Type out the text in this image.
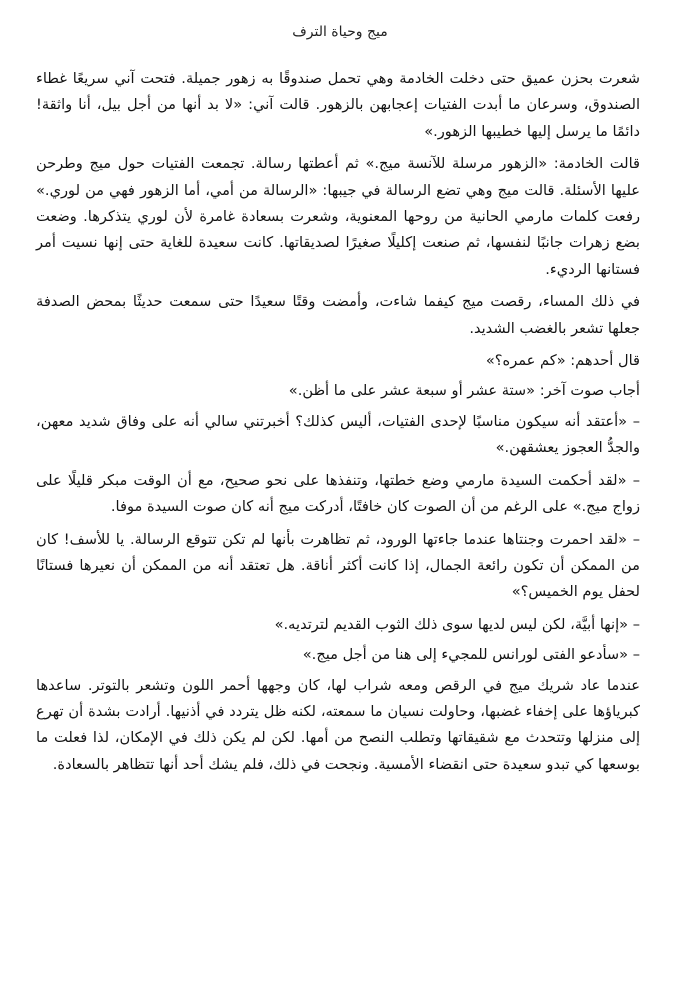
ميج وحياة الترف

شعرت بحزن عميق حتى دخلت الخادمة وهي تحمل صندوقًا به زهور جميلة. فتحت آني سريعًا غطاء الصندوق، وسرعان ما أبدت الفتيات إعجابهن بالزهور. قالت آني: «لا بد أنها من أجل بيل، أنا واثقة! دائمًا ما يرسل إليها خطيبها الزهور.»

قالت الخادمة: «الزهور مرسلة للآنسة ميج.» ثم أعطتها رسالة. تجمعت الفتيات حول ميج وطرحن عليها الأسئلة. قالت ميج وهي تضع الرسالة في جيبها: «الرسالة من أمي، أما الزهور فهي من لوري.» رفعت كلمات مارمي الحانية من روحها المعنوية، وشعرت بسعادة غامرة لأن لوري يتذكرها. وضعت بضع زهرات جانبًا لنفسها، ثم صنعت إكليلًا صغيرًا لصديقاتها. كانت سعيدة للغاية حتى إنها نسيت أمر فستانها الرديء.

في ذلك المساء، رقصت ميج كيفما شاءت، وأمضت وقتًا سعيدًا حتى سمعت حديثًا بمحض الصدفة جعلها تشعر بالغضب الشديد.

قال أحدهم: «كم عمره؟»

أجاب صوت آخر: «ستة عشر أو سبعة عشر على ما أظن.»

– «أعتقد أنه سيكون مناسبًا لإحدى الفتيات، أليس كذلك؟ أخبرتني سالي أنه على وفاق شديد معهن، والجدُّ العجوز يعشقهن.»

– «لقد أحكمت السيدة مارمي وضع خطتها، وتنفذها على نحو صحيح، مع أن الوقت مبكر قليلًا على زواج ميج.» على الرغم من أن الصوت كان خافتًا، أدركت ميج أنه كان صوت السيدة موفا.

– «لقد احمرت وجنتاها عندما جاءتها الورود، ثم تظاهرت بأنها لم تكن تتوقع الرسالة. يا للأسف! كان من الممكن أن تكون رائعة الجمال، إذا كانت أكثر أناقة. هل تعتقد أنه من الممكن أن نعيرها فستانًا لحفل يوم الخميس؟»

– «إنها أبيَّة، لكن ليس لديها سوى ذلك الثوب القديم لترتديه.»

– «سأدعو الفتى لورانس للمجيء إلى هنا من أجل ميج.»

عندما عاد شريك ميج في الرقص ومعه شراب لها، كان وجهها أحمر اللون وتشعر بالتوتر. ساعدها كبرياؤها على إخفاء غضبها، وحاولت نسيان ما سمعته، لكنه ظل يتردد في أذنيها. أرادت بشدة أن تهرع إلى منزلها وتتحدث مع شقيقاتها وتطلب النصح من أمها. لكن لم يكن ذلك في الإمكان، لذا فعلت ما بوسعها كي تبدو سعيدة حتى انقضاء الأمسية. ونجحت في ذلك، فلم يشك أحد أنها تتظاهر بالسعادة.
